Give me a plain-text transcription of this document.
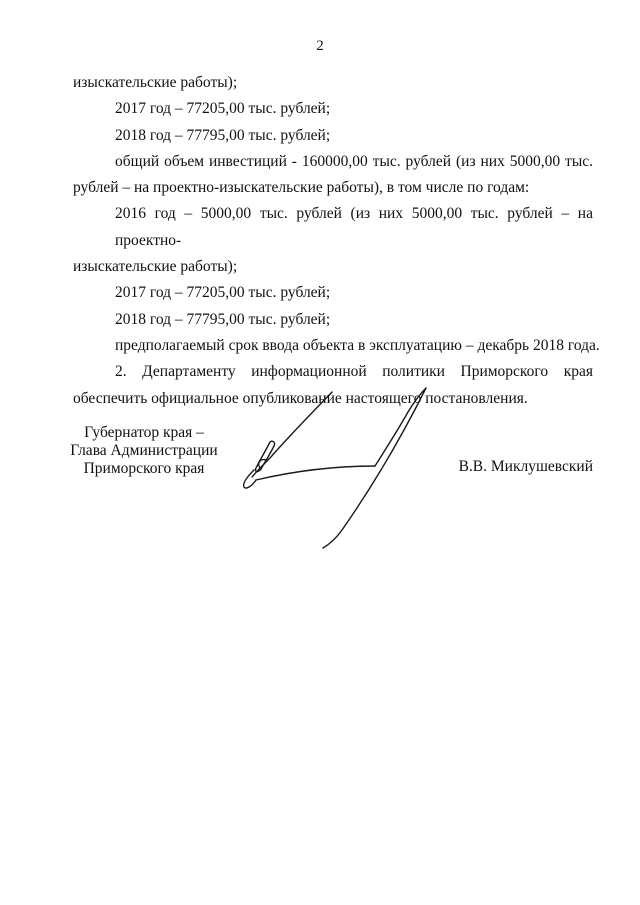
2
изыскательские работы);
2017 год – 77205,00 тыс. рублей;
2018 год – 77795,00 тыс. рублей;
общий объем инвестиций - 160000,00 тыс. рублей (из них 5000,00 тыс.
рублей – на проектно-изыскательские работы), в том числе по годам:
2016 год – 5000,00 тыс. рублей (из них 5000,00 тыс. рублей – на проектно-
изыскательские работы);
2017 год – 77205,00 тыс. рублей;
2018 год – 77795,00 тыс. рублей;
предполагаемый срок ввода объекта в эксплуатацию – декабрь 2018 года.
2. Департаменту информационной политики Приморского края
обеспечить официальное опубликование настоящего постановления.
Губернатор края –
Глава Администрации
Приморского края	В.В. Миклушевский
